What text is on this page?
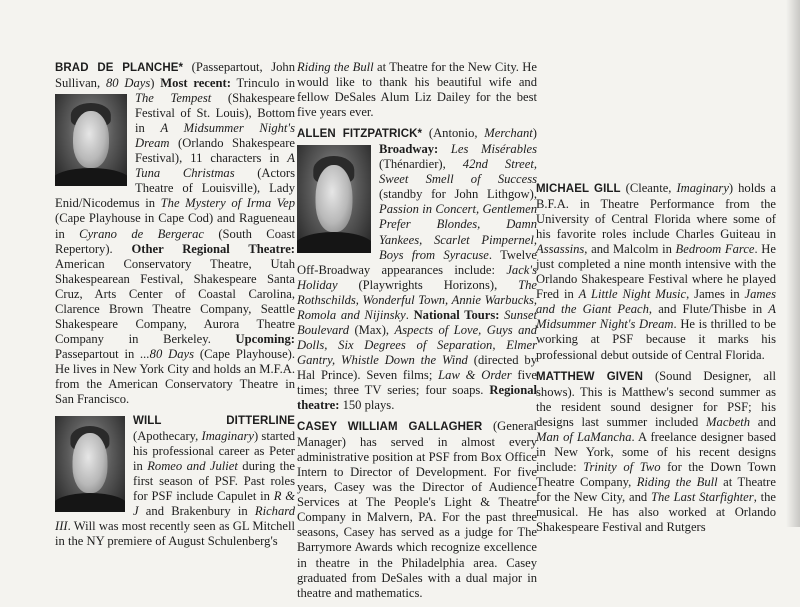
BRAD DE PLANCHE* (Passepartout, John Sullivan, 80 Days) Most recent:
Trinculo in The Tempest (Shakespeare Festival of St. Louis), Bottom in A Midsummer Night's Dream (Orlando Shakespeare Festival), 11 characters in A Tuna Christmas (Actors Theatre of Louisville), Lady Enid/Nicodemus in The Mystery of Irma Vep (Cape Playhouse in Cape Cod) and Ragueneau in Cyrano de Bergerac (South Coast Repertory). Other Regional Theatre: American Conservatory Theatre, Utah Shakespearean Festival, Shakespeare Santa Cruz, Arts Center of Coastal Carolina, Clarence Brown Theatre Company, Seattle Shakespeare Company, Aurora Theatre Company in Berkeley. Upcoming: Passepartout in ...80 Days (Cape Playhouse). He lives in New York City and holds an M.F.A. from the American Conservatory Theatre in San Francisco.

WILL DITTERLINE
(Apothecary, Imaginary) started his professional career as Peter in Romeo and Juliet during the first season of PSF. Past roles for PSF include Capulet in R & J and Brakenbury in Richard III. Will was most recently seen as GL Mitchell in the NY premiere of August Schulenberg's

Riding the Bull at Theatre for the New City. He would like to thank his beautiful wife and fellow DeSales Alum Liz Dailey for the best five years ever.

ALLEN FITZPATRICK* (Antonio, Merchant)
Broadway: Les Misérables (Thénardier), 42nd Street, Sweet Smell of Success (standby for John Lithgow), Passion in Concert, Gentlemen Prefer Blondes, Damn Yankees, Scarlet Pimpernel, Boys from Syracuse. Twelve Off-Broadway appearances include: Jack's Holiday (Playwrights Horizons), The Rothschilds, Wonderful Town, Annie Warbucks, Romola and Nijinsky. National Tours: Sunset Boulevard (Max), Aspects of Love, Guys and Dolls, Six Degrees of Separation, Elmer Gantry, Whistle Down the Wind (directed by Hal Prince). Seven films; Law & Order five times; three TV series; four soaps. Regional theatre: 150 plays.

CASEY WILLIAM GALLAGHER (General Manager) has served in almost every administrative position at PSF from Box Office Intern to Director of Development. For five years, Casey was the Director of Audience Services at The People's Light & Theatre Company in Malvern, PA. For the past three seasons, Casey has served as a judge for The Barrymore Awards which recognize excellence in theatre in the Philadelphia area. Casey graduated from DeSales with a dual major in theatre and mathematics.

MICHAEL GILL (Cleante, Imaginary) holds a B.F.A. in Theatre Performance from the University of Central Florida where some of his favorite roles include Charles Guiteau in Assassins, and Malcolm in Bedroom Farce. He just completed a nine month intensive with the Orlando Shakespeare Festival where he played Fred in A Little Night Music, James in James and the Giant Peach, and Flute/Thisbe in A Midsummer Night's Dream. He is thrilled to be working at PSF because it marks his professional debut outside of Central Florida.

MATTHEW GIVEN (Sound Designer, all shows). This is Matthew's second summer as the resident sound designer for PSF; his designs last summer included Macbeth and Man of LaMancha. A freelance designer based in New York, some of his recent designs include: Trinity of Two for the Down Town Theatre Company, Riding the Bull at Theatre for the New City, and The Last Starfighter, the musical. He has also worked at Orlando Shakespeare Festival and Rutgers
